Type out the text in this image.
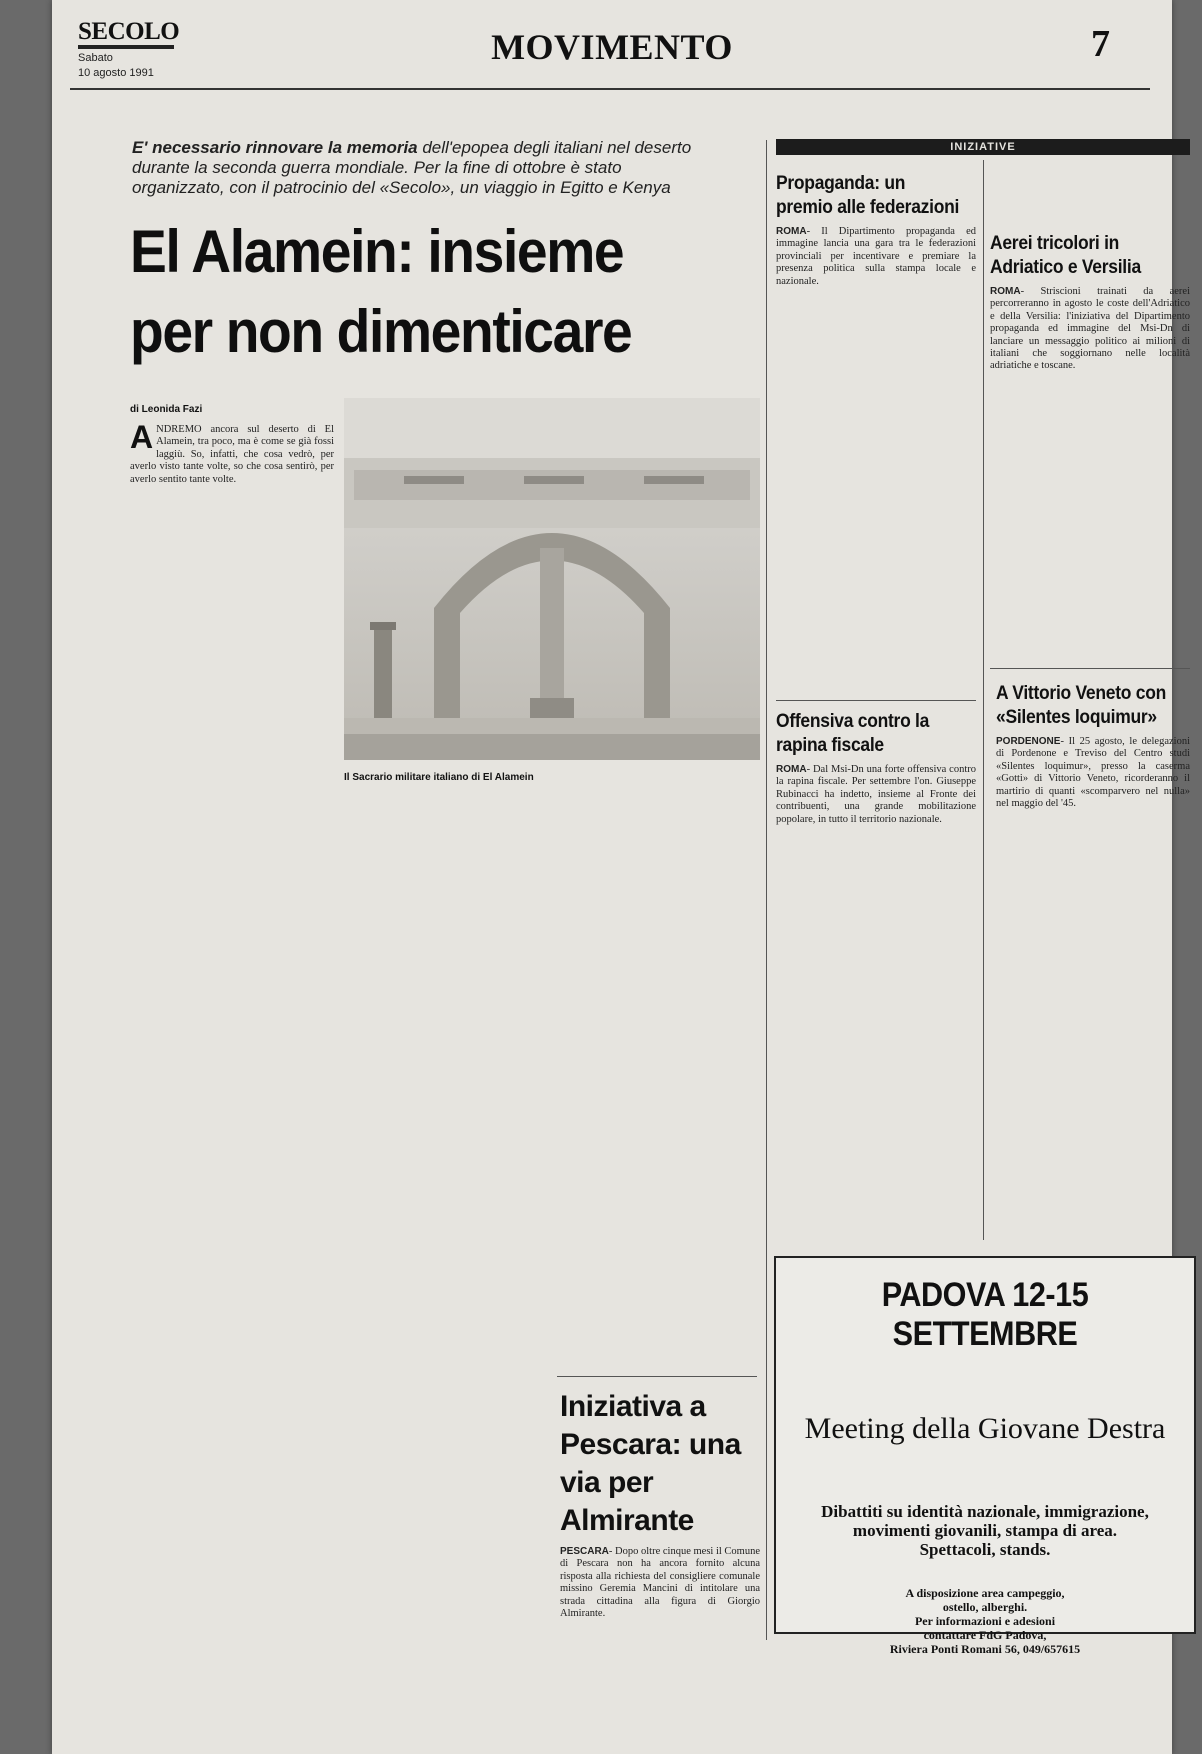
SECOLO
Sabato
10 agosto 1991
MOVIMENTO	7
E' necessario rinnovare la memoria dell'epopea degli italiani nel deserto durante la seconda guerra mondiale. Per la fine di ottobre è stato organizzato, con il patrocinio del «Secolo», un viaggio in Egitto e Kenya
El Alamein: insieme per non dimenticare
di Leonida Fazi
ANDREMO ancora sul deserto di El Alamein, tra poco, ma è come se già fossi laggiù. So, infatti, che cosa vedrò, per averlo visto tante volte, so che cosa sentirò, per averlo sentito tante volte.
Il Sacrario militare italiano di El Alamein
INIZIATIVE
Propaganda: un premio alle federazioni
ROMA- Il Dipartimento propaganda ed immagine lancia una gara tra le federazioni provinciali per incentivare e premiare la presenza politica sulla stampa locale e nazionale.
Offensiva contro la rapina fiscale
ROMA- Dal Msi-Dn una forte offensiva contro la rapina fiscale. Per settembre l'on. Giuseppe Rubinacci ha indetto, insieme al Fronte dei contribuenti, una grande mobilitazione popolare, in tutto il territorio nazionale.
Aerei tricolori in Adriatico e Versilia
ROMA- Striscioni trainati da aerei percorreranno in agosto le coste dell'Adriatico e della Versilia: l'iniziativa del Dipartimento propaganda ed immagine del Msi-Dn di lanciare un messaggio politico ai milioni di italiani che soggiornano nelle località adriatiche e toscane.
A Vittorio Veneto con «Silentes loquimur»
PORDENONE- Il 25 agosto, le delegazioni di Pordenone e Treviso del Centro studi «Silentes loquimur», presso la caserma «Gotti» di Vittorio Veneto, ricorderanno il martirio di quanti «scomparvero nel nulla» nel maggio del '45.
Iniziativa a Pescara: una via per Almirante
PESCARA- Dopo oltre cinque mesi il Comune di Pescara non ha ancora fornito alcuna risposta alla richiesta del consigliere comunale missino Geremia Mancini di intitolare una strada cittadina alla figura di Giorgio Almirante.
PADOVA 12-15 SETTEMBRE
Meeting della Giovane Destra
Dibattiti su identità nazionale, immigrazione, movimenti giovanili, stampa di area. Spettacoli, stands.
A disposizione area campeggio,
ostello, alberghi.
Per informazioni e adesioni
contattare FdG Padova,
Riviera Ponti Romani 56, 049/657615
